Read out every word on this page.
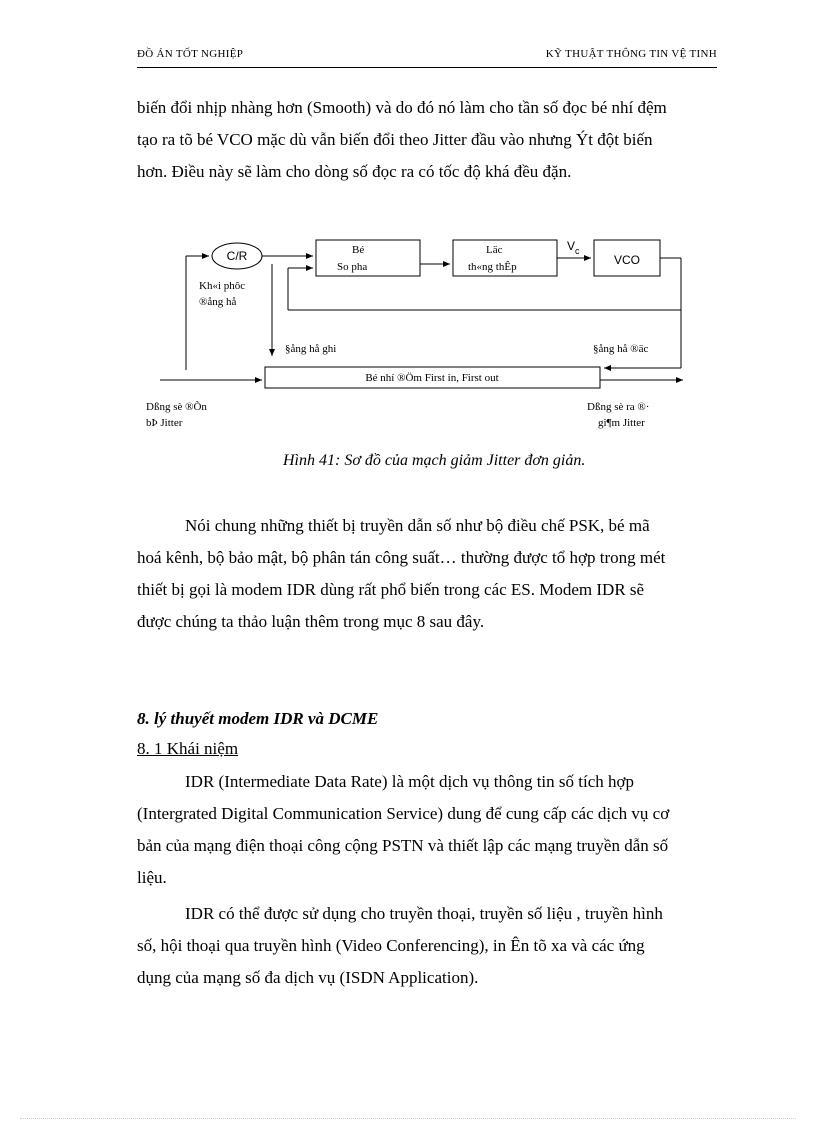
ĐỒ ÁN TỐT NGHIỆP	KỸ THUẬT THÔNG TIN VỆ TINH
biến đổi nhịp nhàng hơn (Smooth) và do đó nó làm cho tần số đọc bé nhí đệm
tạo ra tõ bé VCO mặc dù vẫn biến đổi theo Jitter đầu vào nhưng Ýt đột biến
hơn. Điều này sẽ làm cho dòng số đọc ra có tốc độ khá đều đặn.
C/R
Kh«i phôc
®ång hå
Bé
So pha
Läc
th«ng thÊp
$V_c$
VCO
Bé nhí ®Öm First in, First out
§ång hå ghi	§ång hå ®äc
Dßng sè ®Õn
bÞ Jitter
Dßng sè ra ®·
gi¶m Jitter
Hình 41: Sơ đồ của mạch giảm Jitter đơn giản.
Nói chung những thiết bị truyền dẫn số như bộ điều chế PSK, bé mã
hoá kênh, bộ bảo mật, bộ phân tán công suất… thường được tổ hợp trong mét
thiết bị gọi là modem IDR dùng rất phổ biến trong các ES. Modem IDR sẽ
được chúng ta thảo luận thêm trong mục 8 sau đây.
8. lý thuyết modem IDR và DCME
8. 1 Khái niệm
IDR (Intermediate Data Rate) là một dịch vụ thông tin số tích hợp
(Intergrated Digital Communication Service) dung để cung cấp các dịch vụ cơ
bản của mạng điện thoại công cộng PSTN và thiết lập các mạng truyền dẫn số
liệu.
IDR có thể được sử dụng cho truyền thoại, truyền số liệu , truyền hình
số, hội thoại qua truyền hình (Video Conferencing), in Ên tõ xa và các ứng
dụng của mạng số đa dịch vụ (ISDN Application).
